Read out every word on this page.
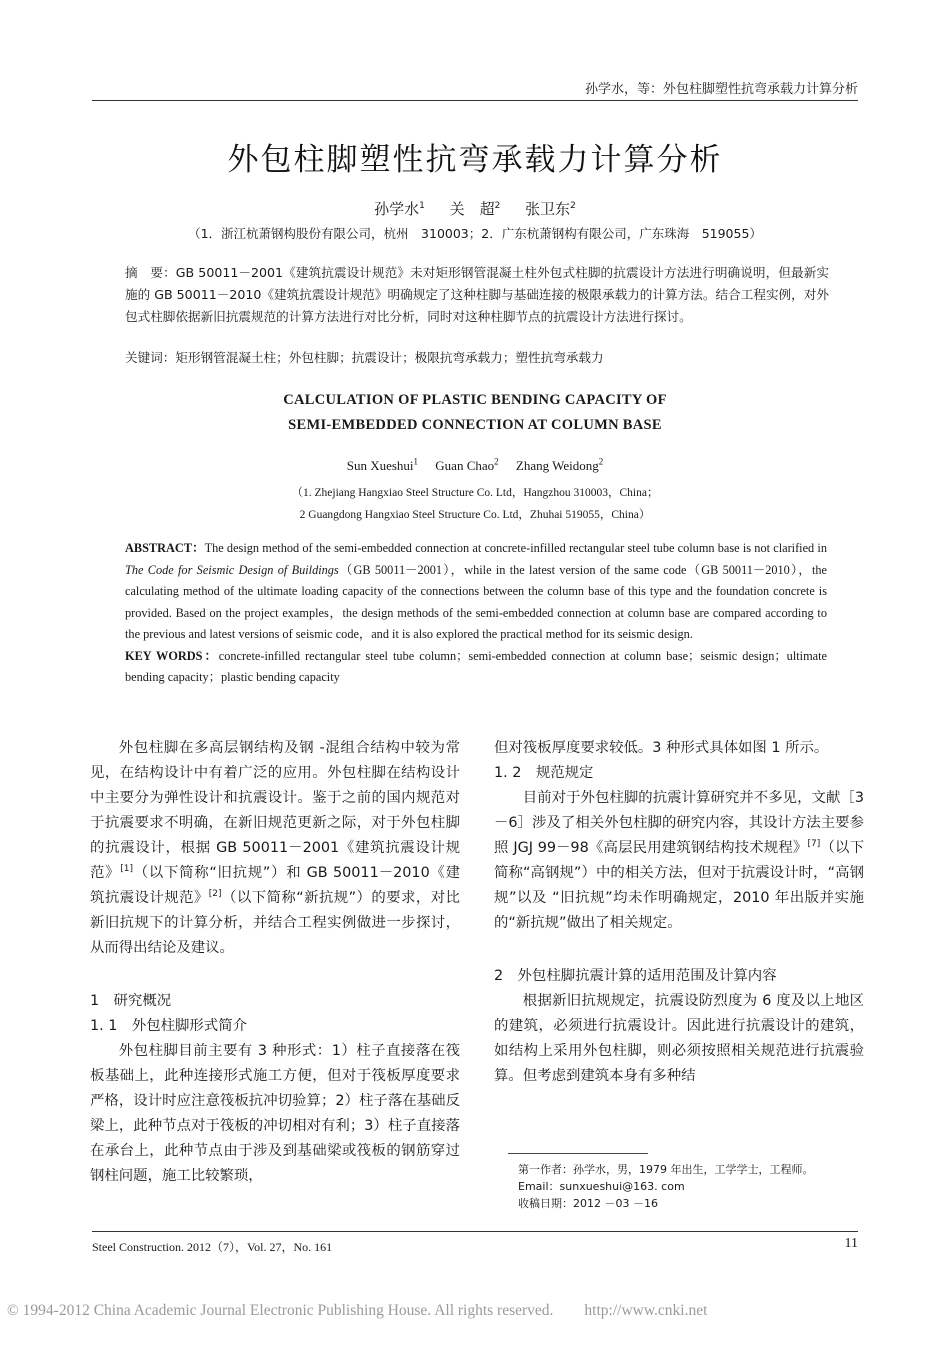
孙学水，等：外包柱脚塑性抗弯承载力计算分析
外包柱脚塑性抗弯承载力计算分析
孙学水$^1$ 关　超$^2$ 张卫东$^2$
（1．浙江杭萧钢构股份有限公司，杭州　310003；2．广东杭萧钢构有限公司，广东珠海　519055）
摘　要：GB 50011－2001《建筑抗震设计规范》未对矩形钢管混凝土柱外包式柱脚的抗震设计方法进行明确说明，但最新实施的 GB 50011－2010《建筑抗震设计规范》明确规定了这种柱脚与基础连接的极限承载力的计算方法。结合工程实例，对外包式柱脚依据新旧抗震规范的计算方法进行对比分析，同时对这种柱脚节点的抗震设计方法进行探讨。
关键词：矩形钢管混凝土柱；外包柱脚；抗震设计；极限抗弯承载力；塑性抗弯承载力
CALCULATION OF PLASTIC BENDING CAPACITY OF
SEMI-EMBEDDED CONNECTION AT COLUMN BASE
Sun Xueshui$^1$ Guan Chao$^2$ Zhang Weidong$^2$
（1. Zhejiang Hangxiao Steel Structure Co. Ltd，Hangzhou 310003，China；
2 Guangdong Hangxiao Steel Structure Co. Ltd，Zhuhai 519055，China）
ABSTRACT：The design method of the semi-embedded connection at concrete-infilled rectangular steel tube column base is not clarified in The Code for Seismic Design of Buildings（GB 50011－2001），while in the latest version of the same code（GB 50011－2010），the calculating method of the ultimate loading capacity of the connections between the column base of this type and the foundation concrete is provided. Based on the project examples，the design methods of the semi-embedded connection at column base are compared according to the previous and latest versions of seismic code，and it is also explored the practical method for its seismic design.
KEY WORDS：concrete-infilled rectangular steel tube column；semi-embedded connection at column base；seismic design；ultimate bending capacity；plastic bending capacity

外包柱脚在多高层钢结构及钢 -混组合结构中较为常见，在结构设计中有着广泛的应用。外包柱脚在结构设计中主要分为弹性设计和抗震设计。鉴于之前的国内规范对于抗震要求不明确，在新旧规范更新之际，对于外包柱脚的抗震设计，根据 GB 50011－2001《建筑抗震设计规范》[1]（以下简称“旧抗规”）和 GB 50011－2010《建筑抗震设计规范》[2]（以下简称“新抗规”）的要求，对比新旧抗规下的计算分析，并结合工程实例做进一步探讨，从而得出结论及建议。

1　研究概况

1. 1　外包柱脚形式简介

外包柱脚目前主要有 3 种形式：1）柱子直接落在筏板基础上，此种连接形式施工方便，但对于筏板厚度要求严格，设计时应注意筏板抗冲切验算；2）柱子落在基础反梁上，此种节点对于筏板的冲切相对有利；3）柱子直接落在承台上，此种节点由于涉及到基础梁或筏板的钢筋穿过钢柱问题，施工比较繁琐，

但对筏板厚度要求较低。3 种形式具体如图 1 所示。

1. 2　规范规定

目前对于外包柱脚的抗震计算研究并不多见，文献［3 －6］涉及了相关外包柱脚的研究内容，其设计方法主要参照 JGJ 99－98《高层民用建筑钢结构技术规程》[7]（以下简称“高钢规”）中的相关方法，但对于抗震设计时，“高钢规”以及 “旧抗规”均未作明确规定，2010 年出版并实施的“新抗规”做出了相关规定。

2　外包柱脚抗震计算的适用范围及计算内容

根据新旧抗规规定，抗震设防烈度为 6 度及以上地区的建筑，必须进行抗震设计。因此进行抗震设计的建筑，如结构上采用外包柱脚，则必须按照相关规范进行抗震验算。但考虑到建筑本身有多种结

第一作者：孙学水，男，1979 年出生，工学学士，工程师。
Email：sunxueshui@163. com
收稿日期：2012 －03 －16
Steel Construction. 2012（7），Vol. 27，No. 161	11
© 1994-2012 China Academic Journal Electronic Publishing House. All rights reserved.　　http://www.cnki.net
